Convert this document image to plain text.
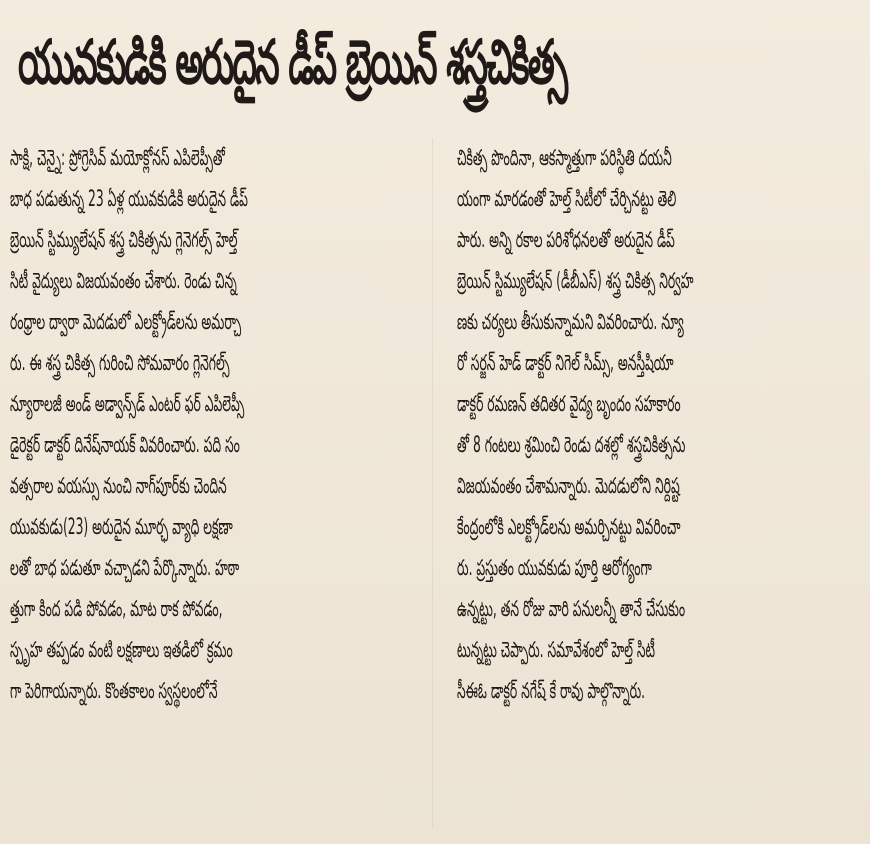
యువకుడికి అరుదైన డీప్ బ్రెయిన్ శస్త్రచికిత్స
సాక్షి, చెన్నై: ప్రోగ్రెసివ్ మయోక్లోనస్ ఎపిలెప్సీతో
బాధ పడుతున్న 23 ఏళ్ల యువకుడికి అరుదైన డీప్
బ్రెయిన్ స్టిమ్యులేషన్ శస్త్ర చికిత్సను గ్లెనెగల్స్ హెల్త్
సిటీ వైద్యులు విజయవంతం చేశారు. రెండు చిన్న
రంధ్రాల ద్వారా మెదడులో ఎలక్ట్రోడ్‌లను అమర్చా
రు. ఈ శస్త్ర చికిత్స గురించి సోమవారం గ్లెనెగల్స్
న్యూరాలజీ అండ్ అడ్వాన్స్‌డ్ ఎంటర్ ఫర్ ఎపిలెప్సీ
డైరెక్టర్ డాక్టర్ దినేష్‌నాయక్ వివరించారు. పది సం
వత్సరాల వయస్సు నుంచి నాగ్‌పూర్‌కు చెందిన
యువకుడు(23) అరుదైన మూర్ఛ వ్యాధి లక్షణా
లతో బాధ పడుతూ వచ్చాడని పేర్కొన్నారు. హఠా
త్తుగా కింద పడి పోవడం, మాట రాక పోవడం,
స్పృహ తప్పడం వంటి లక్షణాలు ఇతడిలో క్రమం
గా పెరిగాయన్నారు. కొంతకాలం స్వస్థలంలోనే
చికిత్స పొందినా, ఆకస్మాత్తుగా పరిస్థితి దయనీ
యంగా మారడంతో హెల్త్ సిటీలో చేర్చినట్టు తెలి
పారు. అన్ని రకాల పరిశోధనలతో అరుదైన డీప్
బ్రెయిన్ స్టిమ్యులేషన్ (డీబీఎస్) శస్త్ర చికిత్స నిర్వహ
ణకు చర్యలు తీసుకున్నామని వివరించారు. న్యూ
రో సర్జన్ హెడ్ డాక్టర్ నిగెల్ సిమ్స్, అనస్తీషియా
డాక్టర్ రమణన్ తదితర వైద్య బృందం సహకారం
తో 8 గంటలు శ్రమించి రెండు దశల్లో శస్త్రచికిత్సను
విజయవంతం చేశామన్నారు. మెదడులోని నిర్దిష్ట
కేంద్రంలోకి ఎలక్ట్రోడ్‌లను అమర్చినట్టు వివరించా
రు. ప్రస్తుతం యువకుడు పూర్తి ఆరోగ్యంగా
ఉన్నట్టు, తన రోజు వారి పనులన్నీ తానే చేసుకుం
టున్నట్టు చెప్పారు. సమావేశంలో హెల్త్ సిటీ
సీఈఓ డాక్టర్ నగేష్ కే రావు పాల్గొన్నారు.
